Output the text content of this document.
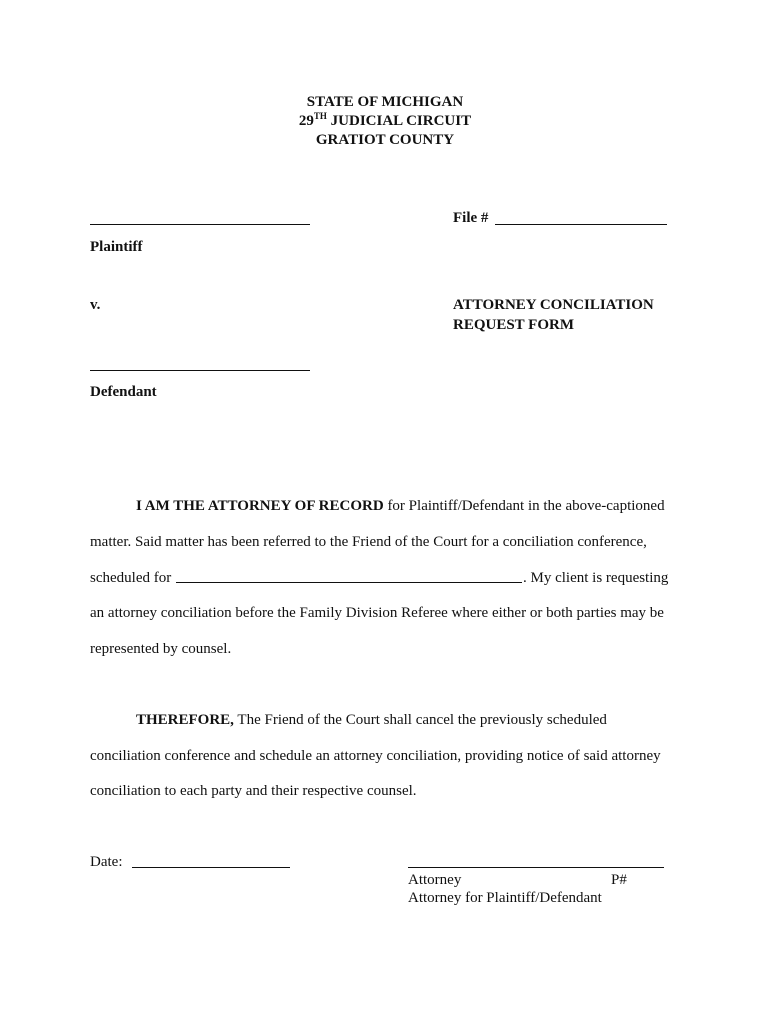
STATE OF MICHIGAN
29TH JUDICIAL CIRCUIT
GRATIOT COUNTY
Plaintiff
v.
Defendant
File #
ATTORNEY CONCILIATION
REQUEST FORM
I AM THE ATTORNEY OF RECORD for Plaintiff/Defendant in the above-captioned
matter. Said matter has been referred to the Friend of the Court for a conciliation conference,
scheduled for	. My client is requesting
an attorney conciliation before the Family Division Referee where either or both parties may be
represented by counsel.
THEREFORE, The Friend of the Court shall cancel the previously scheduled
conciliation conference and schedule an attorney conciliation, providing notice of said attorney
conciliation to each party and their respective counsel.
Date:
Attorney	P#
Attorney for Plaintiff/Defendant
